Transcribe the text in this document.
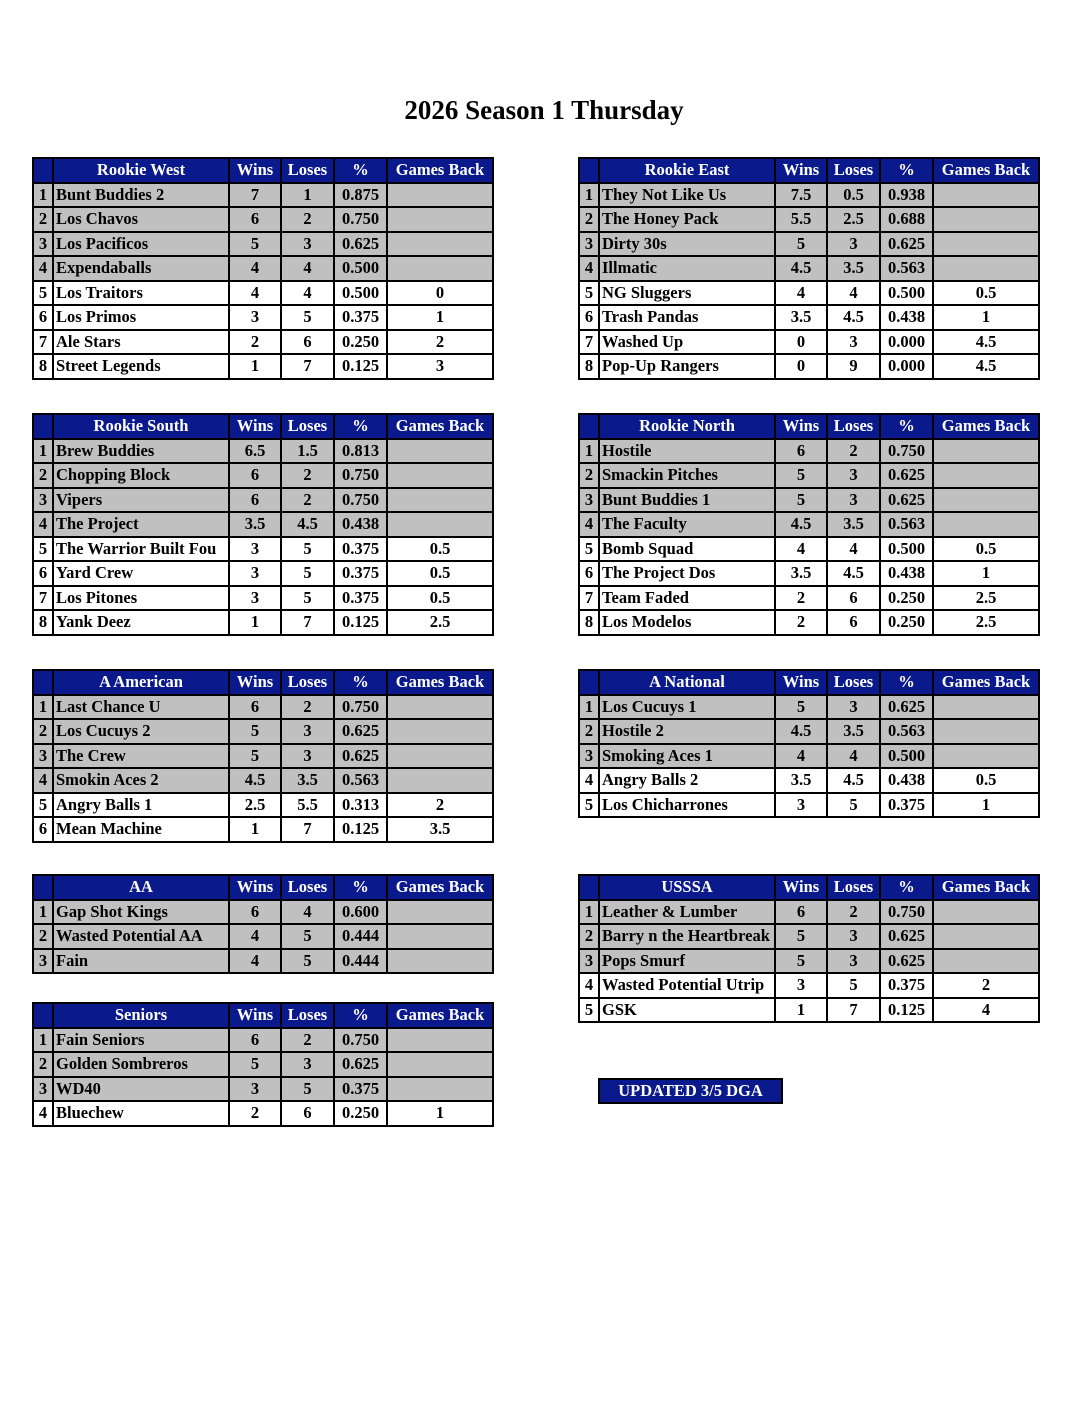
2026 Season 1 Thursday
	Rookie West	Wins	Loses	%	Games Back
1	Bunt Buddies 2	7	1	0.875	
2	Los Chavos	6	2	0.750	
3	Los Pacificos	5	3	0.625	
4	Expendaballs	4	4	0.500	
5	Los Traitors	4	4	0.500	0
6	Los Primos	3	5	0.375	1
7	Ale Stars	2	6	0.250	2
8	Street Legends	1	7	0.125	3
	Rookie East	Wins	Loses	%	Games Back
1	They Not Like Us	7.5	0.5	0.938	
2	The Honey Pack	5.5	2.5	0.688	
3	Dirty 30s	5	3	0.625	
4	Illmatic	4.5	3.5	0.563	
5	NG Sluggers	4	4	0.500	0.5
6	Trash Pandas	3.5	4.5	0.438	1
7	Washed Up	0	3	0.000	4.5
8	Pop-Up Rangers	0	9	0.000	4.5
	Rookie South	Wins	Loses	%	Games Back
1	Brew Buddies	6.5	1.5	0.813	
2	Chopping Block	6	2	0.750	
3	Vipers	6	2	0.750	
4	The Project	3.5	4.5	0.438	
5	The Warrior Built Fou	3	5	0.375	0.5
6	Yard Crew	3	5	0.375	0.5
7	Los Pitones	3	5	0.375	0.5
8	Yank Deez	1	7	0.125	2.5
	Rookie North	Wins	Loses	%	Games Back
1	Hostile	6	2	0.750	
2	Smackin Pitches	5	3	0.625	
3	Bunt Buddies 1	5	3	0.625	
4	The Faculty	4.5	3.5	0.563	
5	Bomb Squad	4	4	0.500	0.5
6	The Project Dos	3.5	4.5	0.438	1
7	Team Faded	2	6	0.250	2.5
8	Los Modelos	2	6	0.250	2.5
	A American	Wins	Loses	%	Games Back
1	Last Chance U	6	2	0.750	
2	Los Cucuys 2	5	3	0.625	
3	The Crew	5	3	0.625	
4	Smokin Aces 2	4.5	3.5	0.563	
5	Angry Balls 1	2.5	5.5	0.313	2
6	Mean Machine	1	7	0.125	3.5
	A National	Wins	Loses	%	Games Back
1	Los Cucuys 1	5	3	0.625	
2	Hostile 2	4.5	3.5	0.563	
3	Smoking Aces 1	4	4	0.500	
4	Angry Balls 2	3.5	4.5	0.438	0.5
5	Los Chicharrones	3	5	0.375	1
	AA	Wins	Loses	%	Games Back
1	Gap Shot Kings	6	4	0.600	
2	Wasted Potential AA	4	5	0.444	
3	Fain	4	5	0.444	
	USSSA	Wins	Loses	%	Games Back
1	Leather & Lumber	6	2	0.750	
2	Barry n the Heartbreak	5	3	0.625	
3	Pops Smurf	5	3	0.625	
4	Wasted Potential Utrip	3	5	0.375	2
5	GSK	1	7	0.125	4
	Seniors	Wins	Loses	%	Games Back
1	Fain Seniors	6	2	0.750	
2	Golden Sombreros	5	3	0.625	
3	WD40	3	5	0.375	
4	Bluechew	2	6	0.250	1
UPDATED 3/5 DGA
